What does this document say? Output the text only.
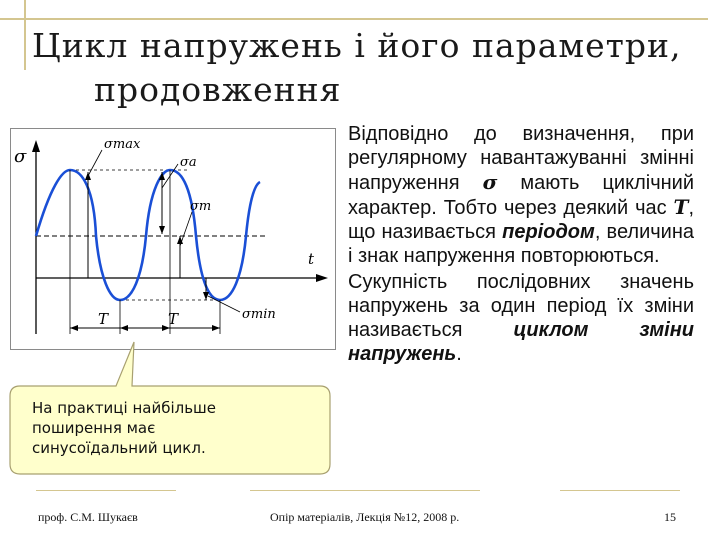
Цикл напружень і його параметри,
продовження
σ
t
σmax
σa
σm
σmin
T	T
На практиці найбільше поширення має синусоїдальний цикл.

Відповідно до визначення, при регулярному навантажуванні змінні напруження σ мають циклічний характер. Тобто через деякий час T, що називається періодом, величина і знак напруження повторюються.

Сукупність послідовних значень напружень за один період їх зміни називається циклом зміни напружень.

проф. С.М. Шукаєв	Опір матеріалів, Лекція №12, 2008 р.	15
